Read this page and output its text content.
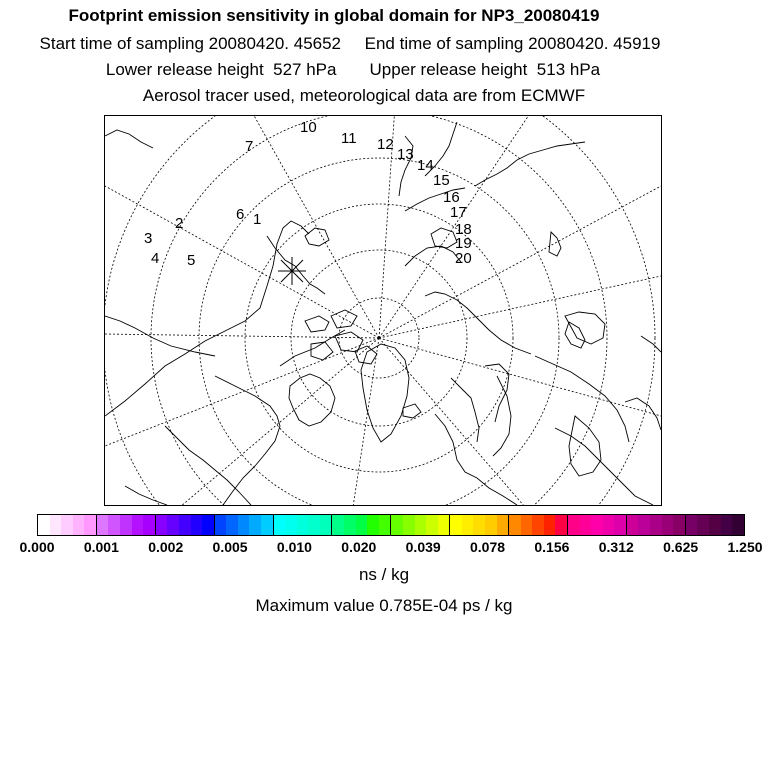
Footprint emission sensitivity in global domain for NP3_20080419
Start time of sampling 20080420. 45652     End time of sampling 20080420. 45919
Lower release height  527 hPa       Upper release height  513 hPa
Aerosol tracer used, meteorological data are from ECMWF
1
2
3
4 5
6
7
10
11 12
13
14
15
16
17
18
19
20
0.000 0.001 0.002 0.005 0.010 0.020 0.039 0.078 0.156 0.312 0.625 1.250
ns / kg
Maximum value 0.785E-04 ps / kg
